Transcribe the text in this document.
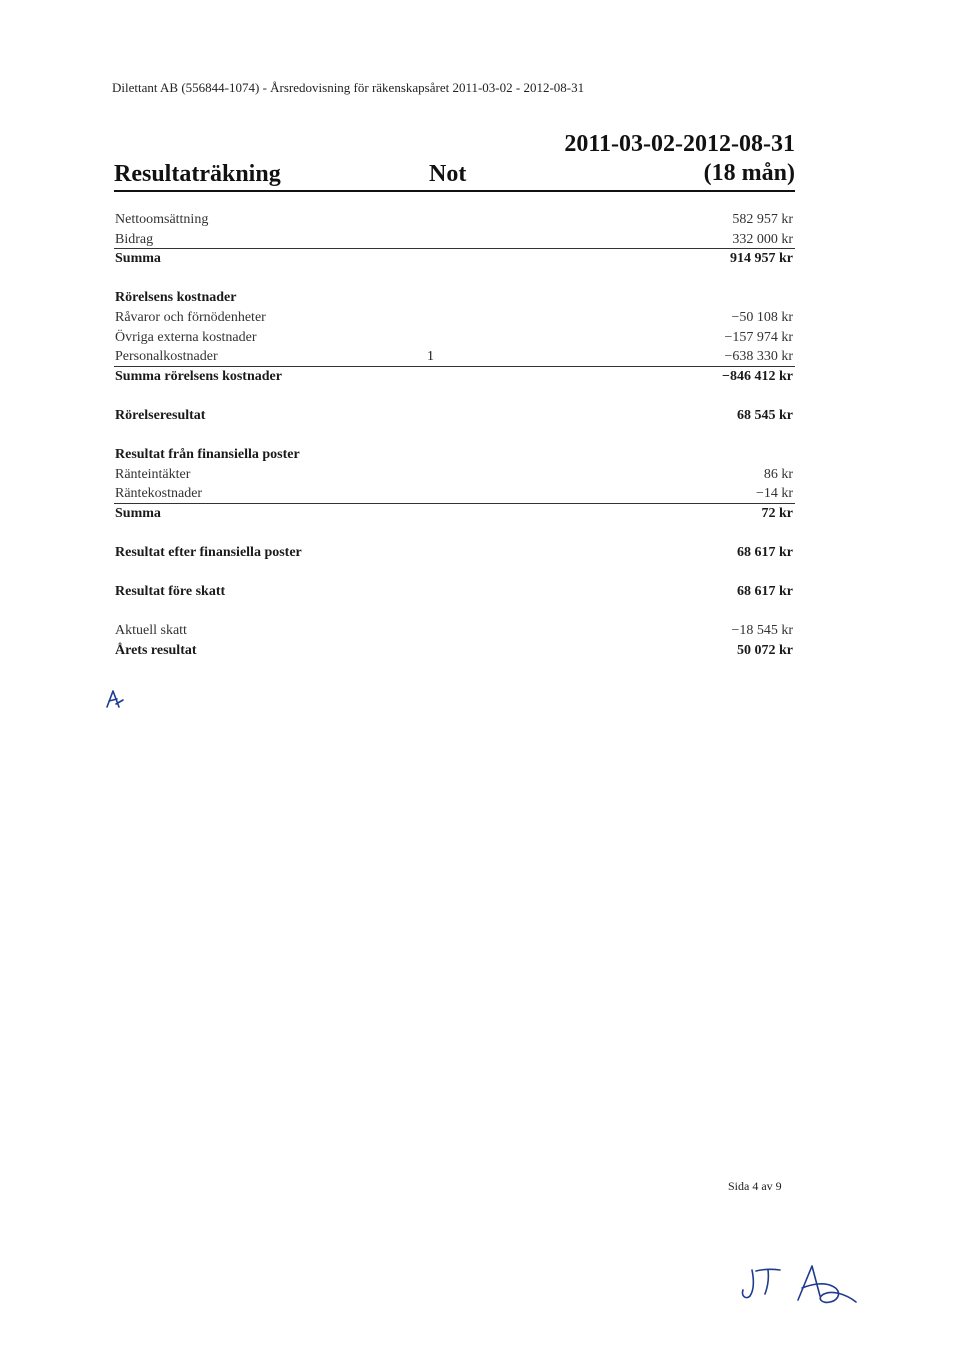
Dilettant AB (556844-1074) - Årsredovisning för räkenskapsåret 2011-03-02 - 2012-08-31
Resultaträkning	Not
2011-03-02-2012-08-31
(18 mån)
Nettoomsättning	582 957 kr
Bidrag	332 000 kr
Summa	914 957 kr
Rörelsens kostnader
Råvaror och förnödenheter	−50 108 kr
Övriga externa kostnader	−157 974 kr
Personalkostnader	1	−638 330 kr
Summa rörelsens kostnader	−846 412 kr
Rörelseresultat	68 545 kr
Resultat från finansiella poster
Ränteintäkter	86 kr
Räntekostnader	−14 kr
Summa	72 kr
Resultat efter finansiella poster	68 617 kr
Resultat före skatt	68 617 kr
Aktuell skatt	−18 545 kr
Årets resultat	50 072 kr
Sida 4 av 9
